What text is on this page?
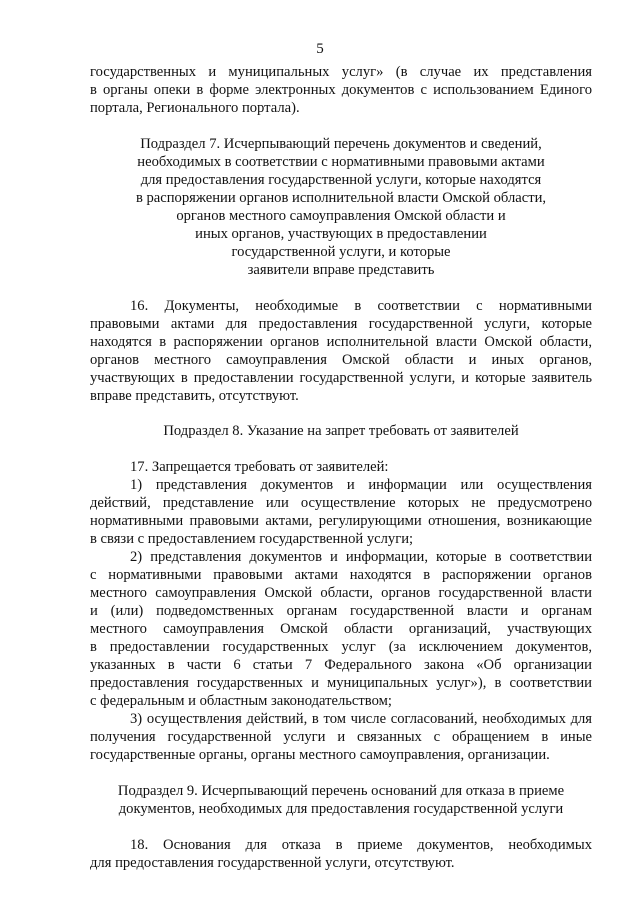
5

государственных и муниципальных услуг» (в случае их представления

в органы опеки в форме электронных документов с использованием Единого

портала, Регионального портала).

Подраздел 7. Исчерпывающий перечень документов и сведений,

необходимых в соответствии с нормативными правовыми актами

для предоставления государственной услуги, которые находятся

в распоряжении органов исполнительной власти Омской области,

органов местного самоуправления Омской области и

иных органов, участвующих в предоставлении

государственной услуги, и которые

заявители вправе представить

16. Документы, необходимые в соответствии с нормативными

правовыми актами для предоставления государственной услуги, которые

находятся в распоряжении органов исполнительной власти Омской области,

органов местного самоуправления Омской области и иных органов,

участвующих в предоставлении государственной услуги, и которые заявитель

вправе представить, отсутствуют.

Подраздел 8. Указание на запрет требовать от заявителей

17. Запрещается требовать от заявителей:

1) представления документов и информации или осуществления

действий, представление или осуществление которых не предусмотрено

нормативными правовыми актами, регулирующими отношения, возникающие

в связи с предоставлением государственной услуги;

2) представления документов и информации, которые в соответствии

с нормативными правовыми актами находятся в распоряжении органов

местного самоуправления Омской области, органов государственной власти

и (или) подведомственных органам государственной власти и органам

местного самоуправления Омской области организаций, участвующих

в предоставлении государственных услуг (за исключением документов,

указанных в части 6 статьи 7 Федерального закона «Об организации

предоставления государственных и муниципальных услуг»), в соответствии

с федеральным и областным законодательством;

3) осуществления действий, в том числе согласований, необходимых для

получения государственной услуги и связанных с обращением в иные

государственные органы, органы местного самоуправления, организации.

Подраздел 9. Исчерпывающий перечень оснований для отказа в приеме

документов, необходимых для предоставления государственной услуги

18. Основания для отказа в приеме документов, необходимых

для предоставления государственной услуги, отсутствуют.
